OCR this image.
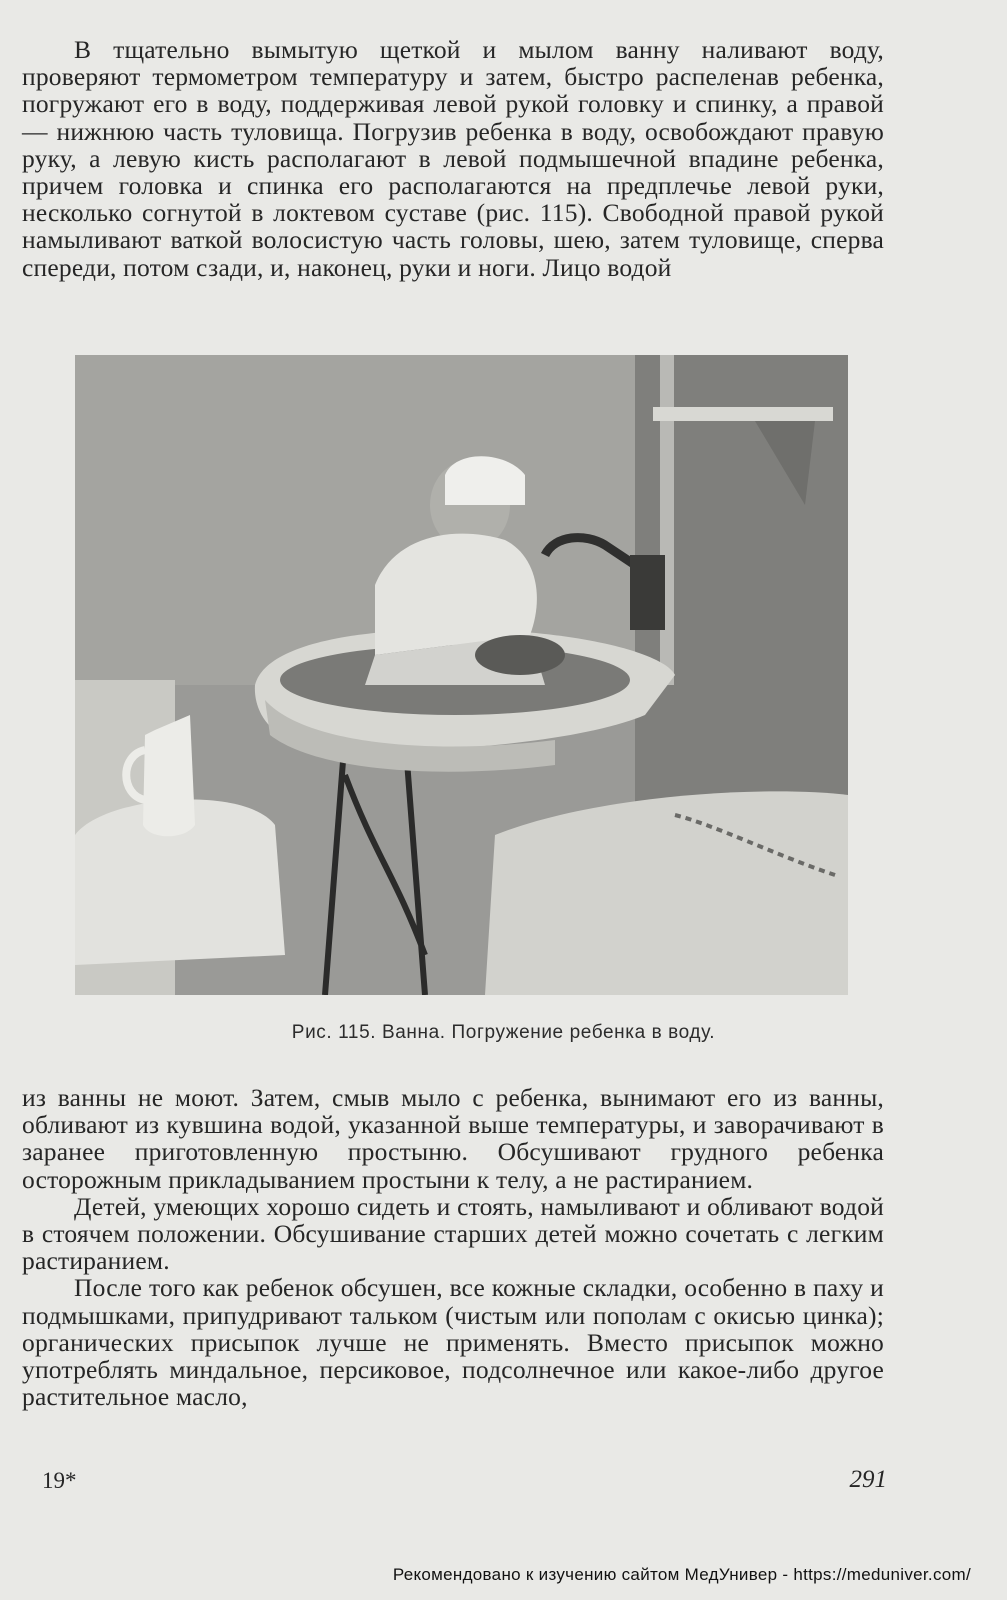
В тщательно вымытую щеткой и мылом ванну наливают воду, проверяют термометром температуру и затем, быстро распеленав ребенка, погружают его в воду, поддерживая левой рукой головку и спинку, а правой — нижнюю часть туловища. Погрузив ребенка в воду, освобождают правую руку, а левую кисть располагают в левой подмышечной впадине ребенка, причем головка и спинка его располагаются на предплечье левой руки, несколько согнутой в локтевом суставе (рис. 115). Свободной правой рукой намыливают ваткой волосистую часть головы, шею, затем туловище, сперва спереди, потом сзади, и, наконец, руки и ноги. Лицо водой

Рис. 115. Ванна. Погружение ребенка в воду.

из ванны не моют. Затем, смыв мыло с ребенка, вынимают его из ванны, обливают из кувшина водой, указанной выше температуры, и заворачивают в заранее приготовленную простыню. Обсушивают грудного ребенка осторожным прикладыванием простыни к телу, а не растиранием.

Детей, умеющих хорошо сидеть и стоять, намыливают и обливают водой в стоячем положении. Обсушивание старших детей можно сочетать с легким растиранием.

После того как ребенок обсушен, все кожные складки, особенно в паху и подмышками, припудривают тальком (чистым или пополам с окисью цинка); органических присыпок лучше не применять. Вместо присыпок можно употреблять миндальное, персиковое, подсолнечное или какое-либо другое растительное масло,

19*	291
Рекомендовано к изучению сайтом МедУнивер - https://meduniver.com/
